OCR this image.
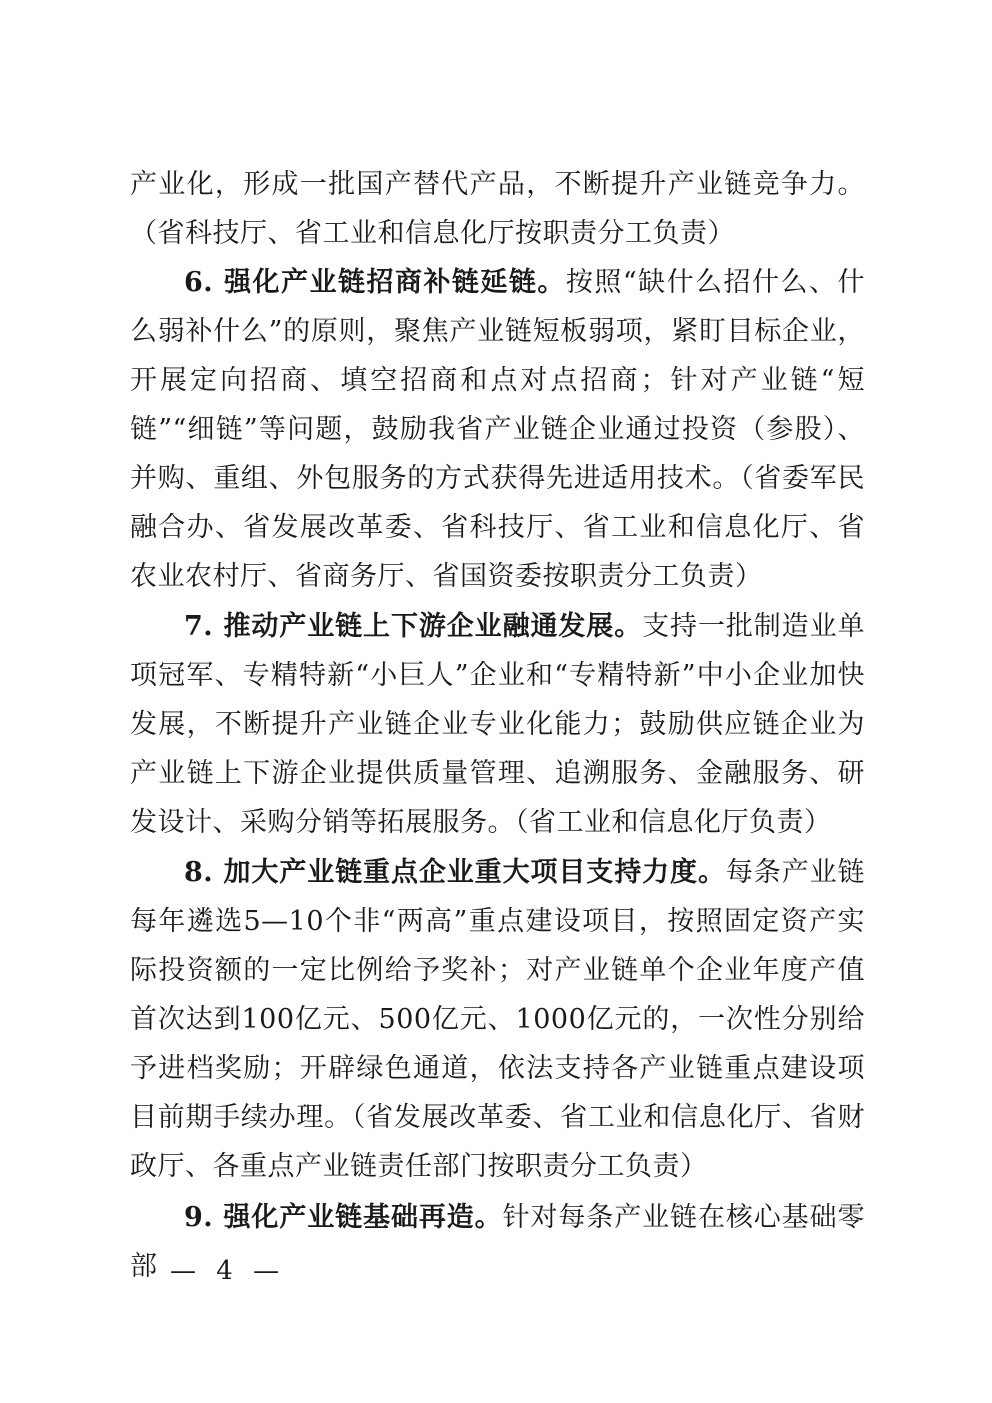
产业化，形成一批国产替代产品，不断提升产业链竞争力。（省科技厅、省工业和信息化厅按职责分工负责）

6. 强化产业链招商补链延链。按照“缺什么招什么、什么弱补什么”的原则，聚焦产业链短板弱项，紧盯目标企业，开展定向招商、填空招商和点对点招商；针对产业链“短链”“细链”等问题，鼓励我省产业链企业通过投资（参股）、并购、重组、外包服务的方式获得先进适用技术。（省委军民融合办、省发展改革委、省科技厅、省工业和信息化厅、省农业农村厅、省商务厅、省国资委按职责分工负责）

7. 推动产业链上下游企业融通发展。支持一批制造业单项冠军、专精特新“小巨人”企业和“专精特新”中小企业加快发展，不断提升产业链企业专业化能力；鼓励供应链企业为产业链上下游企业提供质量管理、追溯服务、金融服务、研发设计、采购分销等拓展服务。（省工业和信息化厅负责）

8. 加大产业链重点企业重大项目支持力度。每条产业链每年遴选5—10个非“两高”重点建设项目，按照固定资产实际投资额的一定比例给予奖补；对产业链单个企业年度产值首次达到100亿元、500亿元、1000亿元的，一次性分别给予进档奖励；开辟绿色通道，依法支持各产业链重点建设项目前期手续办理。（省发展改革委、省工业和信息化厅、省财政厅、各重点产业链责任部门按职责分工负责）

9. 强化产业链基础再造。针对每条产业链在核心基础零部 — 4 —
